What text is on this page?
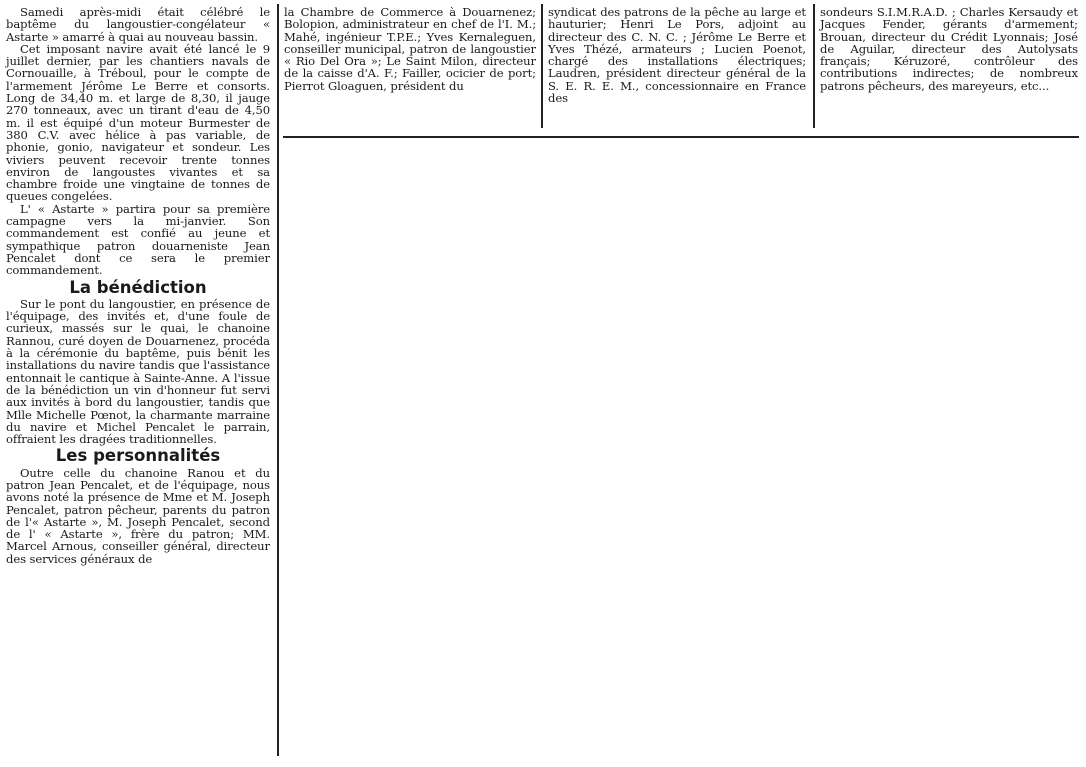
Samedi après-midi était célébré le baptême du langoustier-congélateur « Astarte » amarré à quai au nouveau bassin.

Cet imposant navire avait été lancé le 9 juillet dernier, par les chantiers navals de Cornouaille, à Tréboul, pour le compte de l'armement Jérôme Le Berre et consorts. Long de 34,40 m. et large de 8,30, il jauge 270 tonneaux, avec un tirant d'eau de 4,50 m. il est équipé d'un moteur Burmester de 380 C.V. avec hélice à pas variable, de phonie, gonio, navigateur et sondeur. Les viviers peuvent recevoir trente tonnes environ de langoustes vivantes et sa chambre froide une vingtaine de tonnes de queues congelées.

L' « Astarte » partira pour sa première campagne vers la mi-janvier. Son commandement est confié au jeune et sympathique patron douarneniste Jean Pencalet dont ce sera le premier commandement.

La bénédiction

Sur le pont du langoustier, en présence de l'équipage, des invités et, d'une foule de curieux, massés sur le quai, le chanoine Rannou, curé doyen de Douarnenez, procéda à la cérémonie du baptême, puis bénit les installations du navire tandis que l'assistance entonnait le cantique à Sainte-Anne. A l'issue de la bénédiction un vin d'honneur fut servi aux invités à bord du langoustier, tandis que Mlle Michelle Pœnot, la charmante marraine du navire et Michel Pencalet le parrain, offraient les dragées traditionnelles.

Les personnalités

Outre celle du chanoine Ranou et du patron Jean Pencalet, et de l'équipage, nous avons noté la présence de Mme et M. Joseph Pencalet, patron pêcheur, parents du patron de l'« Astarte », M. Joseph Pencalet, second de l' « Astarte », frère du patron; MM. Marcel Arnous, conseiller général, directeur des services généraux de

la Chambre de Commerce à Douarnenez; Bolopion, administrateur en chef de l'I. M.; Mahé, ingénieur T.P.E.; Yves Kernaleguen, conseiller municipal, patron de langoustier « Rio Del Ora »; Le Saint Milon, directeur de la caisse d'A. F.; Failler, ocicier de port; Pierrot Gloaguen, président du

syndicat des patrons de la pêche au large et hauturier; Henri Le Pors, adjoint au directeur des C. N. C. ; Jérôme Le Berre et Yves Thézé, armateurs ; Lucien Poenot, chargé des installations électriques; Laudren, président directeur général de la S. E. R. E. M., concessionnaire en France des

sondeurs S.I.M.R.A.D. ; Charles Kersaudy et Jacques Fender, gérants d'armement; Brouan, directeur du Crédit Lyonnais; José de Aguilar, directeur des Autolysats français; Kéruzoré, contrôleur des contributions indirectes; de nombreux patrons pêcheurs, des mareyeurs, etc...
